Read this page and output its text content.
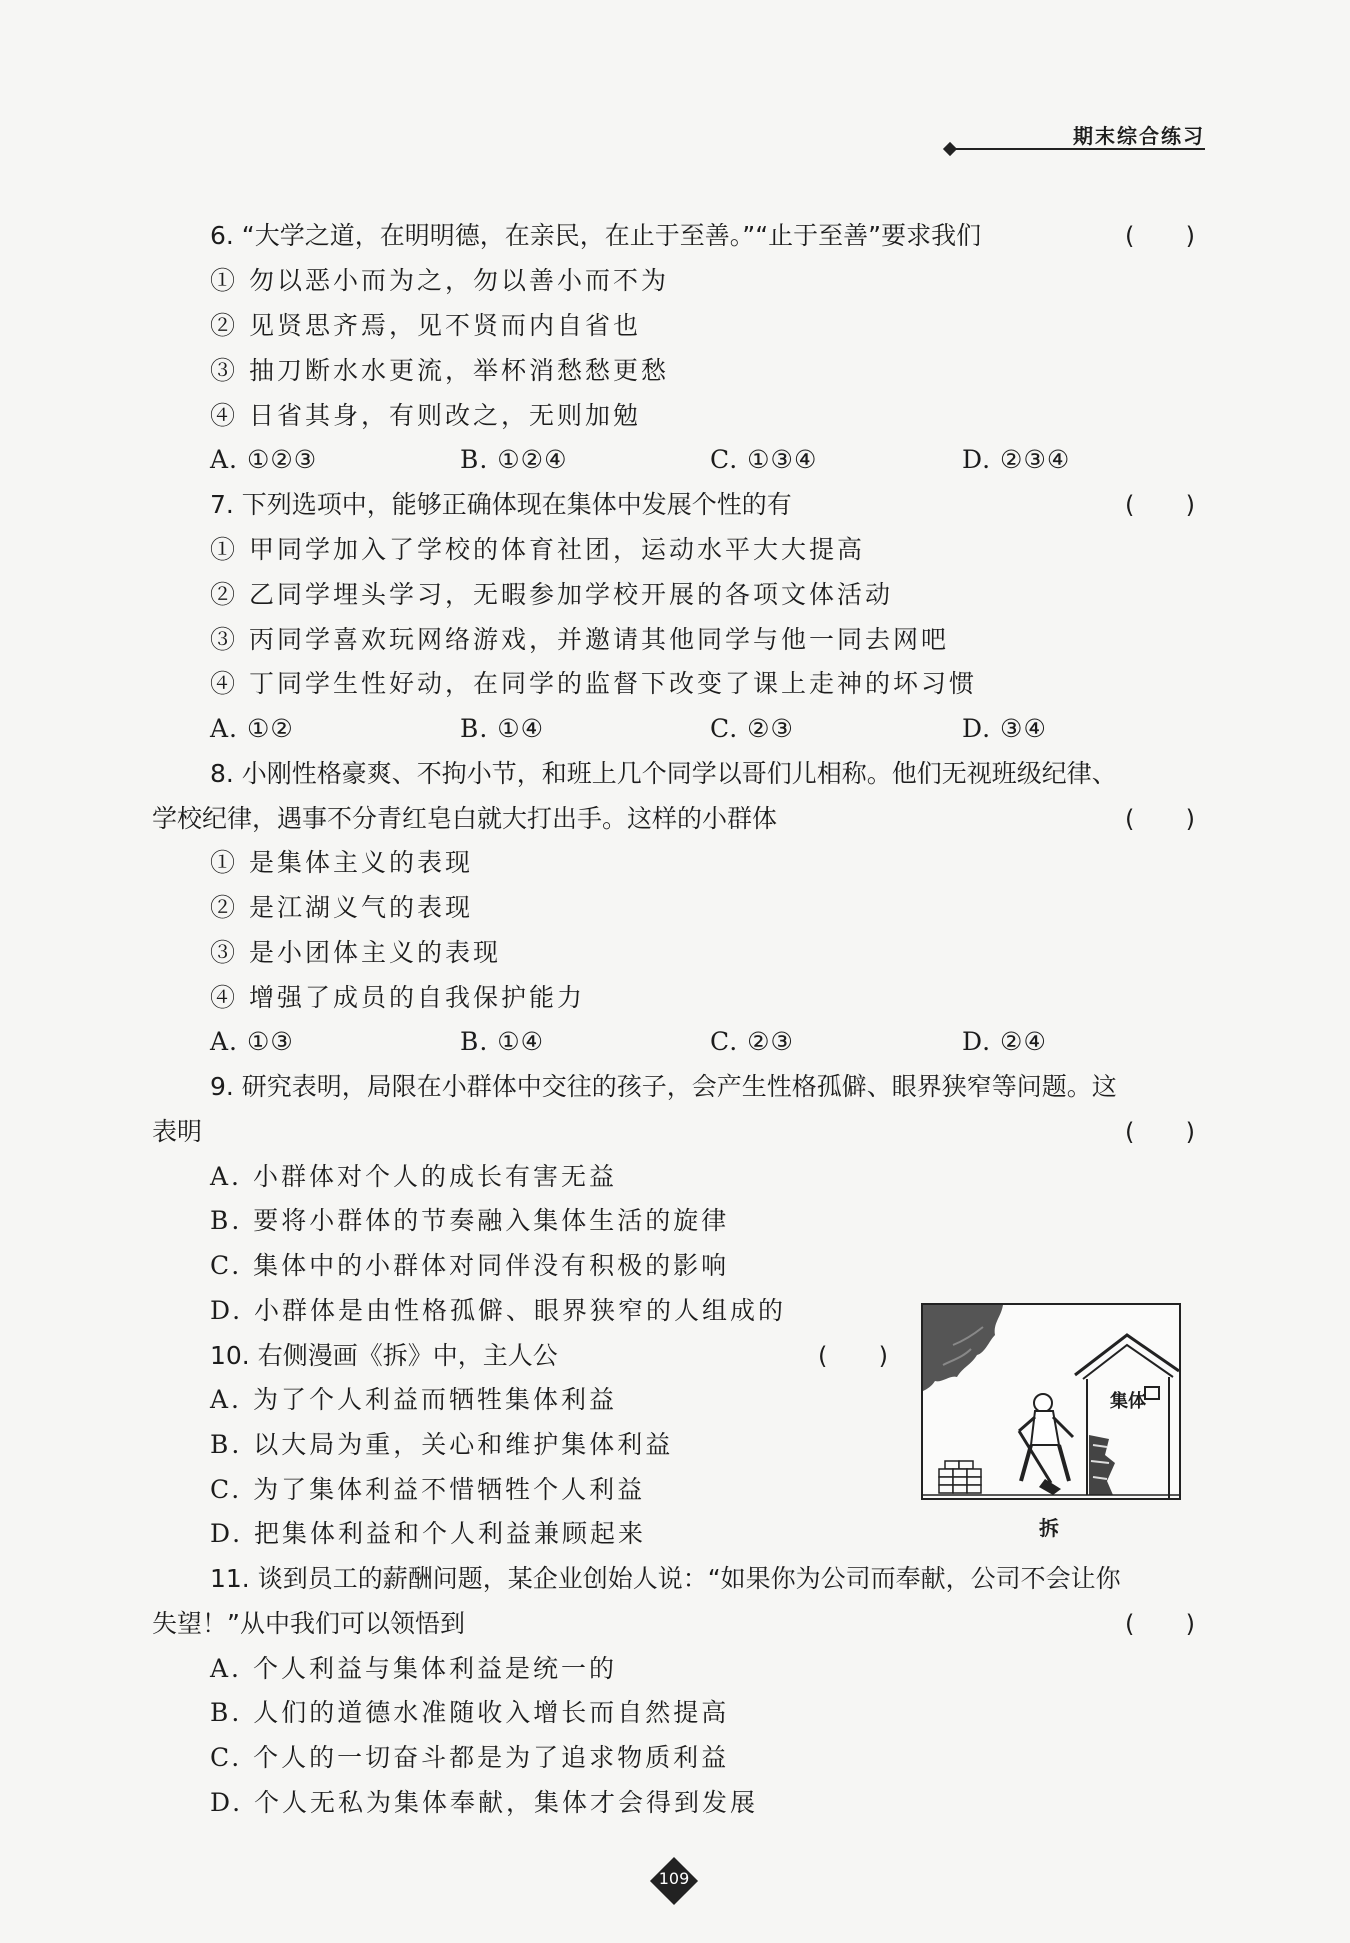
期末综合练习
6. “大学之道，在明明德，在亲民，在止于至善。”“止于至善”要求我们	( )
① 勿以恶小而为之，勿以善小而不为
② 见贤思齐焉，见不贤而内自省也
③ 抽刀断水水更流，举杯消愁愁更愁
④ 日省其身，有则改之，无则加勉
A. ①②③	B. ①②④	C. ①③④	D. ②③④
7. 下列选项中，能够正确体现在集体中发展个性的有	( )
① 甲同学加入了学校的体育社团，运动水平大大提高
② 乙同学埋头学习，无暇参加学校开展的各项文体活动
③ 丙同学喜欢玩网络游戏，并邀请其他同学与他一同去网吧
④ 丁同学生性好动，在同学的监督下改变了课上走神的坏习惯
A. ①②	B. ①④	C. ②③	D. ③④
8. 小刚性格豪爽、不拘小节，和班上几个同学以哥们儿相称。他们无视班级纪律、
学校纪律，遇事不分青红皂白就大打出手。这样的小群体	( )
① 是集体主义的表现
② 是江湖义气的表现
③ 是小团体主义的表现
④ 增强了成员的自我保护能力
A. ①③	B. ①④	C. ②③	D. ②④
9. 研究表明，局限在小群体中交往的孩子，会产生性格孤僻、眼界狭窄等问题。这
表明	( )
A. 小群体对个人的成长有害无益
B. 要将小群体的节奏融入集体生活的旋律
C. 集体中的小群体对同伴没有积极的影响
D. 小群体是由性格孤僻、眼界狭窄的人组成的
10. 右侧漫画《拆》中，主人公	( )
A. 为了个人利益而牺牲集体利益
B. 以大局为重，关心和维护集体利益
C. 为了集体利益不惜牺牲个人利益
D. 把集体利益和个人利益兼顾起来
集体
拆
11. 谈到员工的薪酬问题，某企业创始人说：“如果你为公司而奉献，公司不会让你
失望！”从中我们可以领悟到	( )
A. 个人利益与集体利益是统一的
B. 人们的道德水准随收入增长而自然提高
C. 个人的一切奋斗都是为了追求物质利益
D. 个人无私为集体奉献，集体才会得到发展
109
